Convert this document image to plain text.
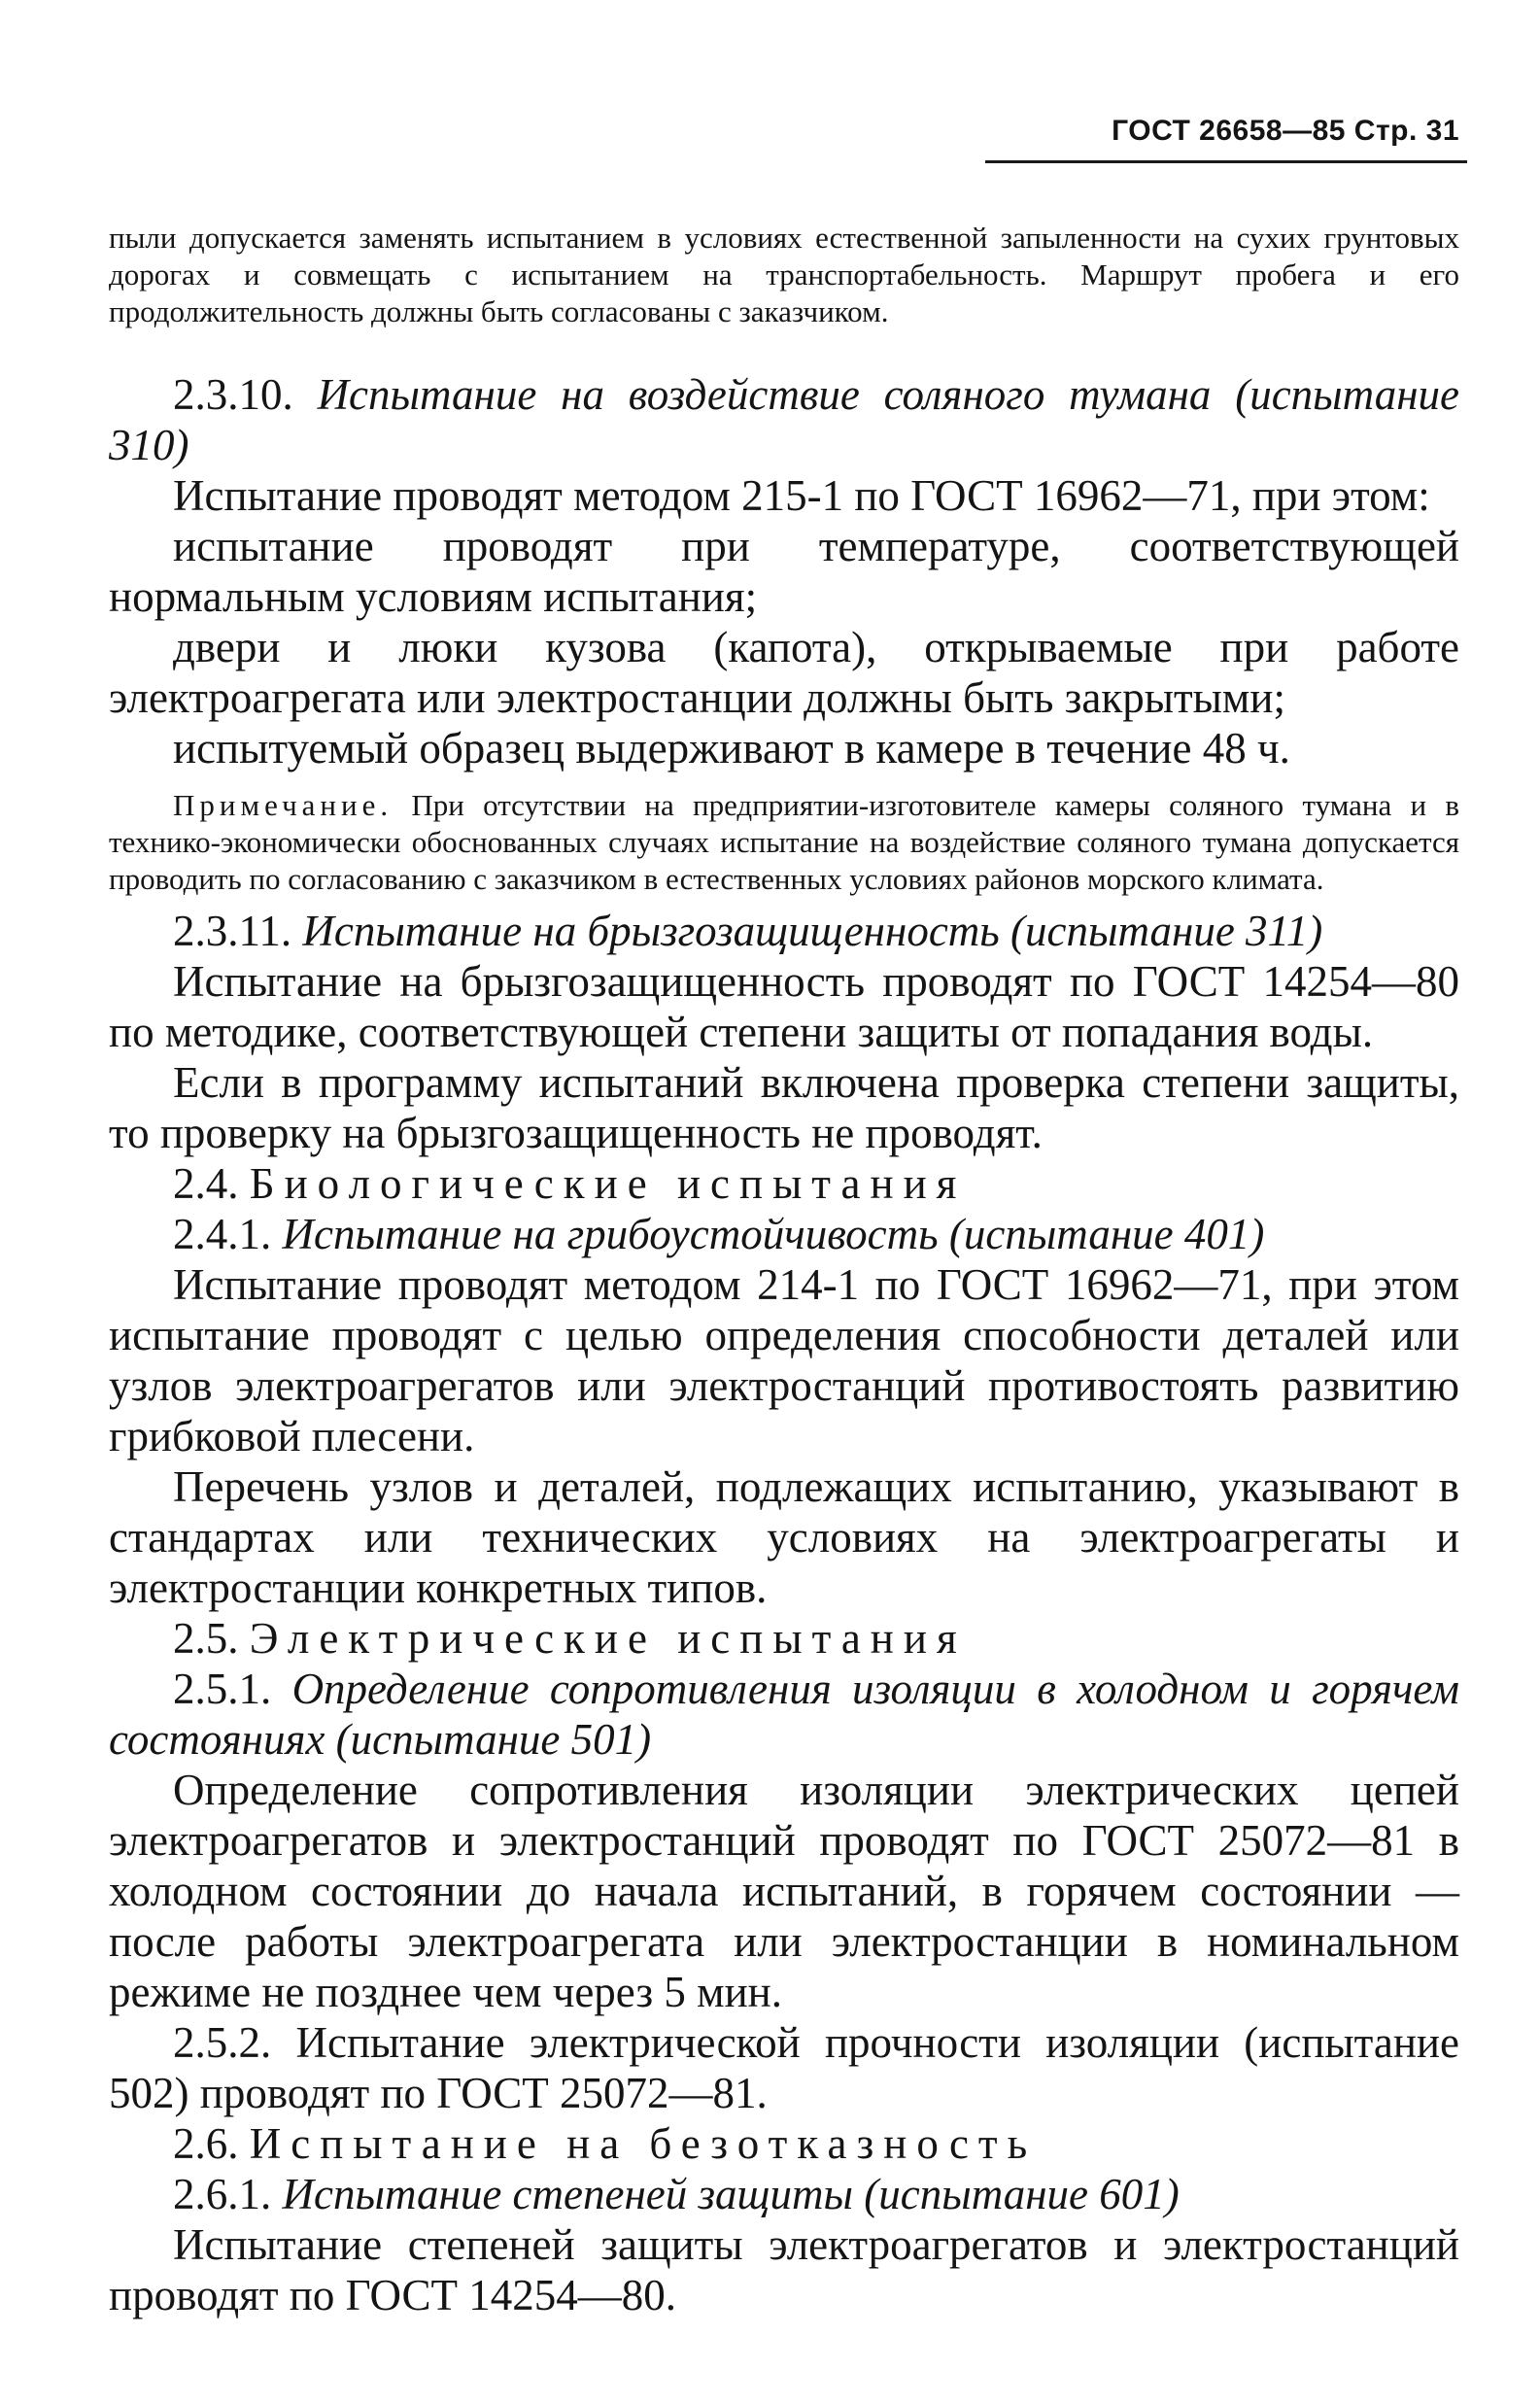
ГОСТ 26658—85 Стр. 31
пыли допускается заменять испытанием в условиях естественной запыленности на сухих грунтовых дорогах и совмещать с испытанием на транспортабельность. Маршрут пробега и его продолжительность должны быть согласованы с заказчиком.

2.3.10. Испытание на воздействие соляного тумана (испытание 310)

Испытание проводят методом 215-1 по ГОСТ 16962—71, при этом:

испытание проводят при температуре, соответствующей нормальным условиям испытания;

двери и люки кузова (капота), открываемые при работе электроагрегата или электростанции должны быть закрытыми;

испытуемый образец выдерживают в камере в течение 48 ч.

Примечание. При отсутствии на предприятии-изготовителе камеры соляного тумана и в технико-экономически обоснованных случаях испытание на воздействие соляного тумана допускается проводить по согласованию с заказчиком в естественных условиях районов морского климата.

2.3.11. Испытание на брызгозащищенность (испытание 311)

Испытание на брызгозащищенность проводят по ГОСТ 14254—80 по методике, соответствующей степени защиты от попадания воды.

Если в программу испытаний включена проверка степени защиты, то проверку на брызгозащищенность не проводят.

2.4. Биологические испытания

2.4.1. Испытание на грибоустойчивость (испытание 401)

Испытание проводят методом 214-1 по ГОСТ 16962—71, при этом испытание проводят с целью определения способности деталей или узлов электроагрегатов или электростанций противостоять развитию грибковой плесени.

Перечень узлов и деталей, подлежащих испытанию, указывают в стандартах или технических условиях на электроагрегаты и электростанции конкретных типов.

2.5. Электрические испытания

2.5.1. Определение сопротивления изоляции в холодном и горячем состояниях (испытание 501)

Определение сопротивления изоляции электрических цепей электроагрегатов и электростанций проводят по ГОСТ 25072—81 в холодном состоянии до начала испытаний, в горячем состоянии — после работы электроагрегата или электростанции в номинальном режиме не позднее чем через 5 мин.

2.5.2. Испытание электрической прочности изоляции (испытание 502) проводят по ГОСТ 25072—81.

2.6. Испытание на безотказность

2.6.1. Испытание степеней защиты (испытание 601)

Испытание степеней защиты электроагрегатов и электростанций проводят по ГОСТ 14254—80.
